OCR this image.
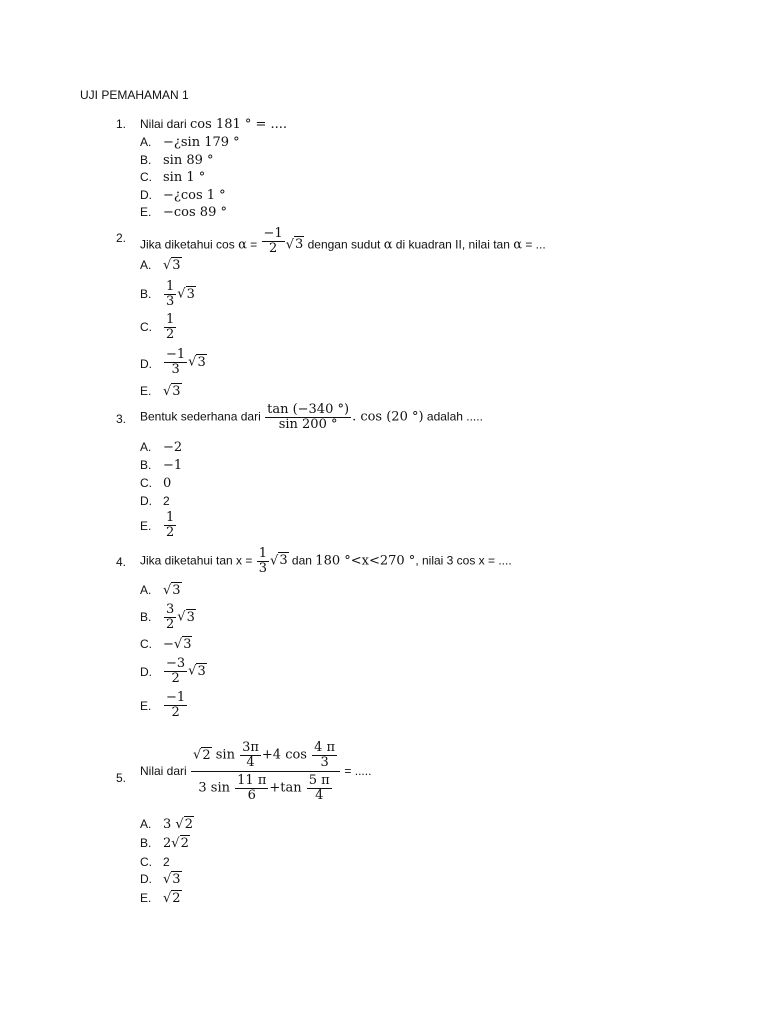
UJI PEMAHAMAN 1
1.	Nilai dari cos 181 ° = ....
A. −¿sin 179 °
B. sin 89 °
C. sin 1 °
D. −¿cos 1 °
E. −cos 89 °
2.	Jika diketahui $\cos \alpha = \frac{-1}{2} √3$ dengan sudut α di kuadran II, nilai tan α = ...
A. √3
B. $\frac{1}{3} √3$
C. $\frac{1}{2}$
D. $\frac{-1}{3} √3$
E. √3
3.	Bentuk sederhana dari $\frac{\tan (-340 ^\circ)}{\sin 200 ^\circ}$ . cos (20 °) adalah .....
A. −2
B. −1
C. 0
D. 2
E. $\frac{1}{2}$
4.	Jika diketahui $\tan x = \frac{1}{3} √3$ dan 180 °<x<270 °, nilai 3 cos x = ....
A. √3
B. $\frac{3}{2} √3$
C. −√3
D. $\frac{-3}{2} √3$
E. $\frac{-1}{2}$
5.
Nilai dari $\frac{√2 \sin \frac{3\pi}{4} +4 \cos \frac{4 \pi}{3}}{3 \sin \frac{11 \pi}{6} +\tan \frac{5 \pi}{4}}$ = .....
A. 3 √2
B. 2√2
C. 2
D. √3
E. √2
